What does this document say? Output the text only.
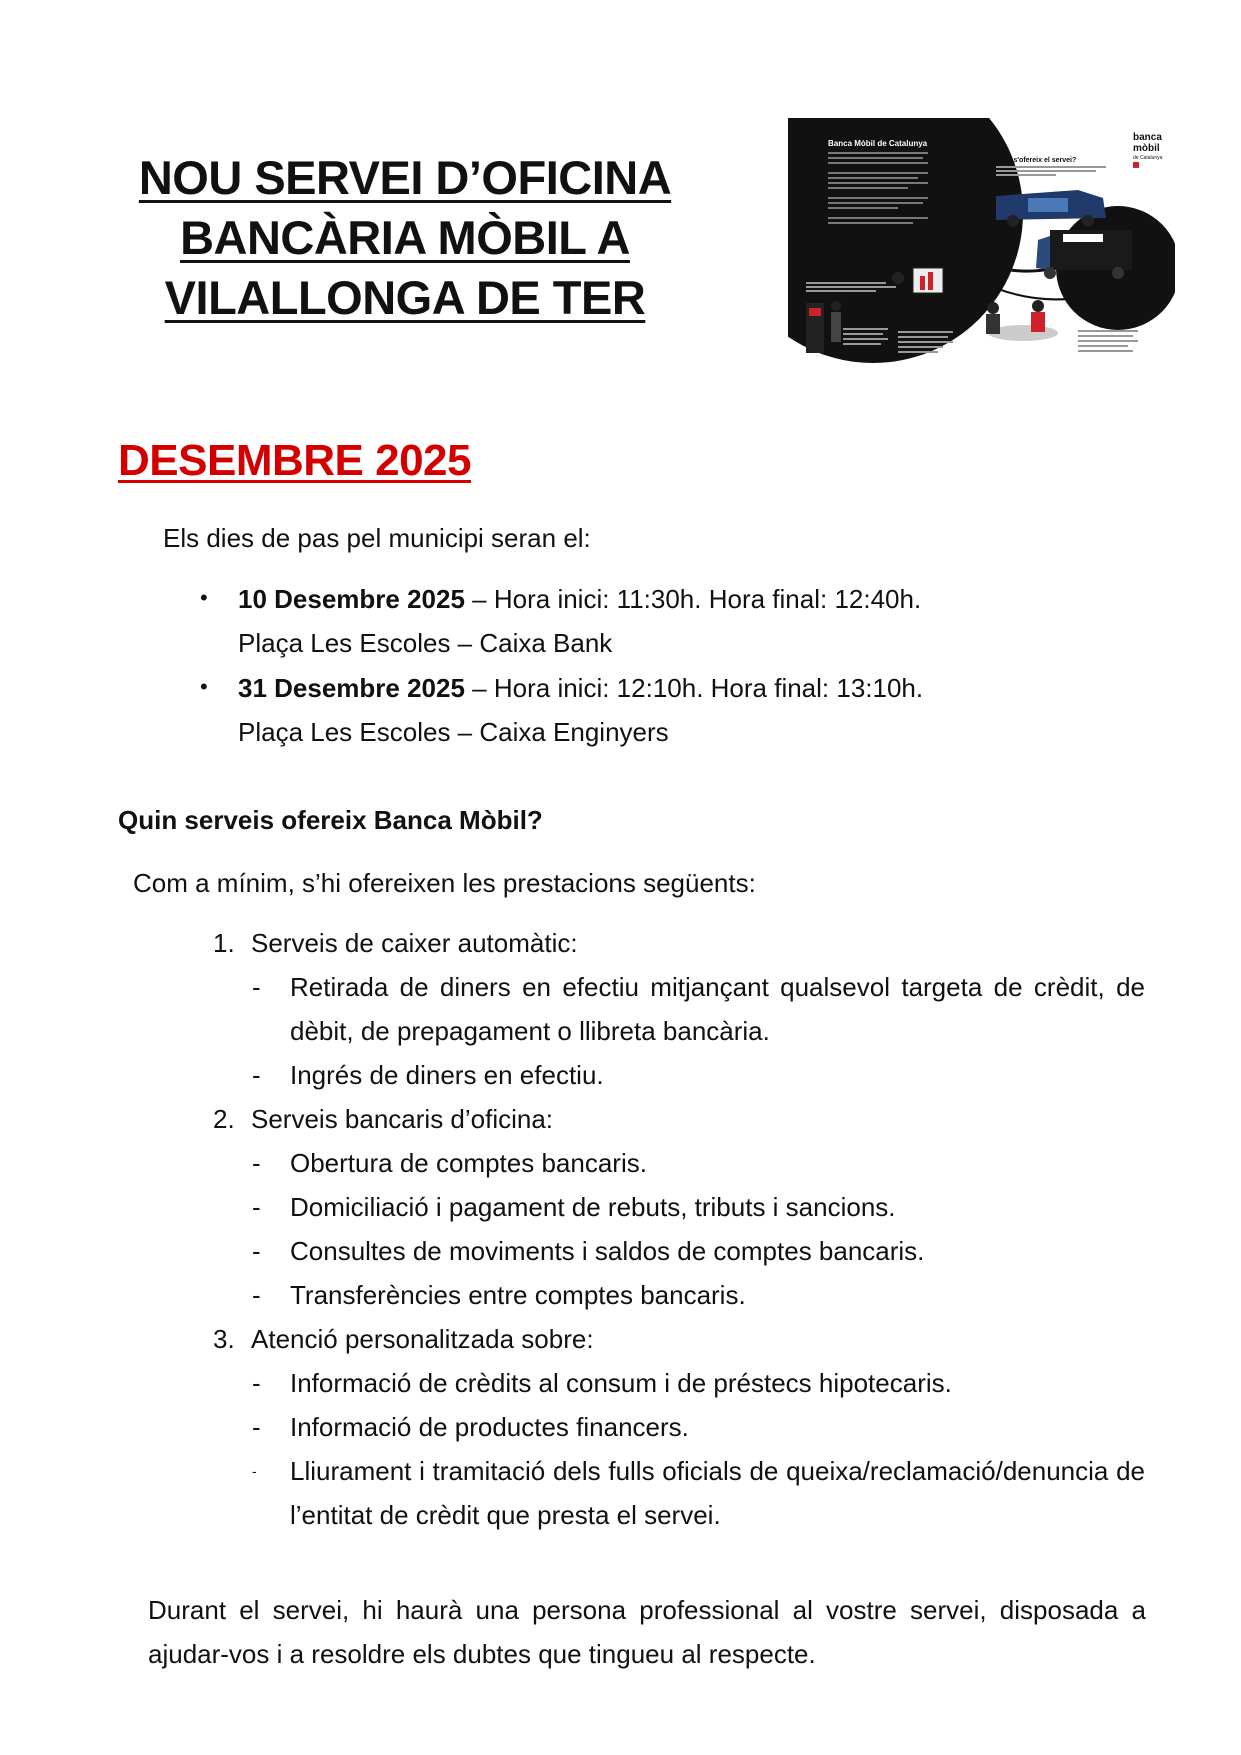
NOU SERVEI D’OFICINA
BANCÀRIA MÒBIL A
VILALLONGA DE TER
Banca Mòbil de Catalunya
Com s'ofereix el servei?
banca
mòbil
de Catalunya
Quins serveis oferein?
DESEMBRE 2025
Els dies de pas pel municipi seran el:
• 10 Desembre 2025 – Hora inici: 11:30h. Hora final: 12:40h.
Plaça Les Escoles – Caixa Bank
• 31 Desembre 2025 – Hora inici: 12:10h. Hora final: 13:10h.
Plaça Les Escoles – Caixa Enginyers
Quin serveis ofereix Banca Mòbil?
Com a mínim, s’hi ofereixen les prestacions següents:
1. Serveis de caixer automàtic:
- Retirada de diners en efectiu mitjançant qualsevol targeta de crèdit, de dèbit, de prepagament o llibreta bancària.
- Ingrés de diners en efectiu.
2. Serveis bancaris d’oficina:
- Obertura de comptes bancaris.
- Domiciliació i pagament de rebuts, tributs i sancions.
- Consultes de moviments i saldos de comptes bancaris.
- Transferències entre comptes bancaris.
3. Atenció personalitzada sobre:
- Informació de crèdits al consum i de préstecs hipotecaris.
- Informació de productes financers.
- Lliurament i tramitació dels fulls oficials de queixa/reclamació/denuncia de l’entitat de crèdit que presta el servei.
Durant el servei, hi haurà una persona professional al vostre servei, disposada a ajudar-vos i a resoldre els dubtes que tingueu al respecte.
